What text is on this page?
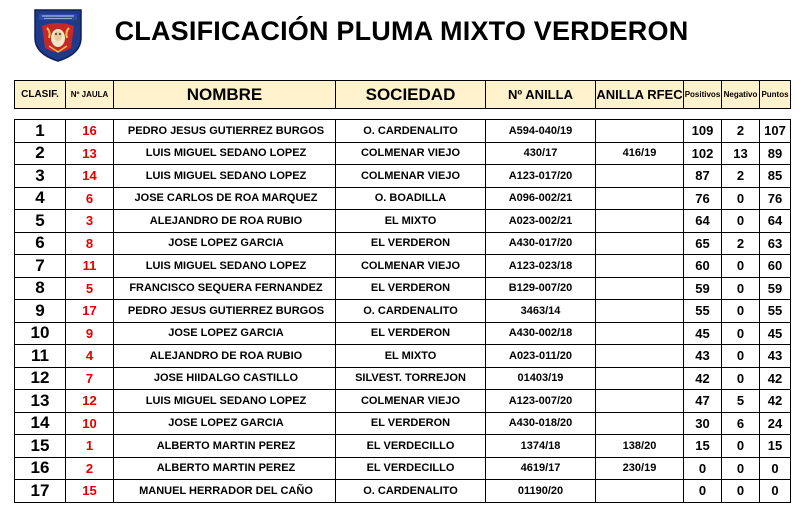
CLASIFICACIÓN PLUMA MIXTO VERDERON
CLASIF.	Nº JAULA	NOMBRE	SOCIEDAD	Nº ANILLA	ANILLA RFEC	Positivos	Negativo	Puntos

1	16	PEDRO JESUS GUTIERREZ BURGOS	O. CARDENALITO	A594-040/19		109	2	107
2	13	LUIS MIGUEL SEDANO LOPEZ	COLMENAR VIEJO	430/17	416/19	102	13	89
3	14	LUIS MIGUEL SEDANO LOPEZ	COLMENAR VIEJO	A123-017/20		87	2	85
4	6	JOSE CARLOS DE ROA MARQUEZ	O. BOADILLA	A096-002/21		76	0	76
5	3	ALEJANDRO DE ROA RUBIO	EL MIXTO	A023-002/21		64	0	64
6	8	JOSE LOPEZ GARCIA	EL VERDERON	A430-017/20		65	2	63
7	11	LUIS MIGUEL SEDANO LOPEZ	COLMENAR VIEJO	A123-023/18		60	0	60
8	5	FRANCISCO SEQUERA FERNANDEZ	EL VERDERON	B129-007/20		59	0	59
9	17	PEDRO JESUS GUTIERREZ BURGOS	O. CARDENALITO	3463/14		55	0	55
10	9	JOSE LOPEZ GARCIA	EL VERDERON	A430-002/18		45	0	45
11	4	ALEJANDRO DE ROA RUBIO	EL MIXTO	A023-011/20		43	0	43
12	7	JOSE HIIDALGO CASTILLO	SILVEST. TORREJON	01403/19		42	0	42
13	12	LUIS MIGUEL SEDANO LOPEZ	COLMENAR VIEJO	A123-007/20		47	5	42
14	10	JOSE LOPEZ GARCIA	EL VERDERON	A430-018/20		30	6	24
15	1	ALBERTO MARTIN PEREZ	EL VERDECILLO	1374/18	138/20	15	0	15
16	2	ALBERTO MARTIN PEREZ	EL VERDECILLO	4619/17	230/19	0	0	0
17	15	MANUEL HERRADOR DEL CAÑO	O. CARDENALITO	01190/20		0	0	0
